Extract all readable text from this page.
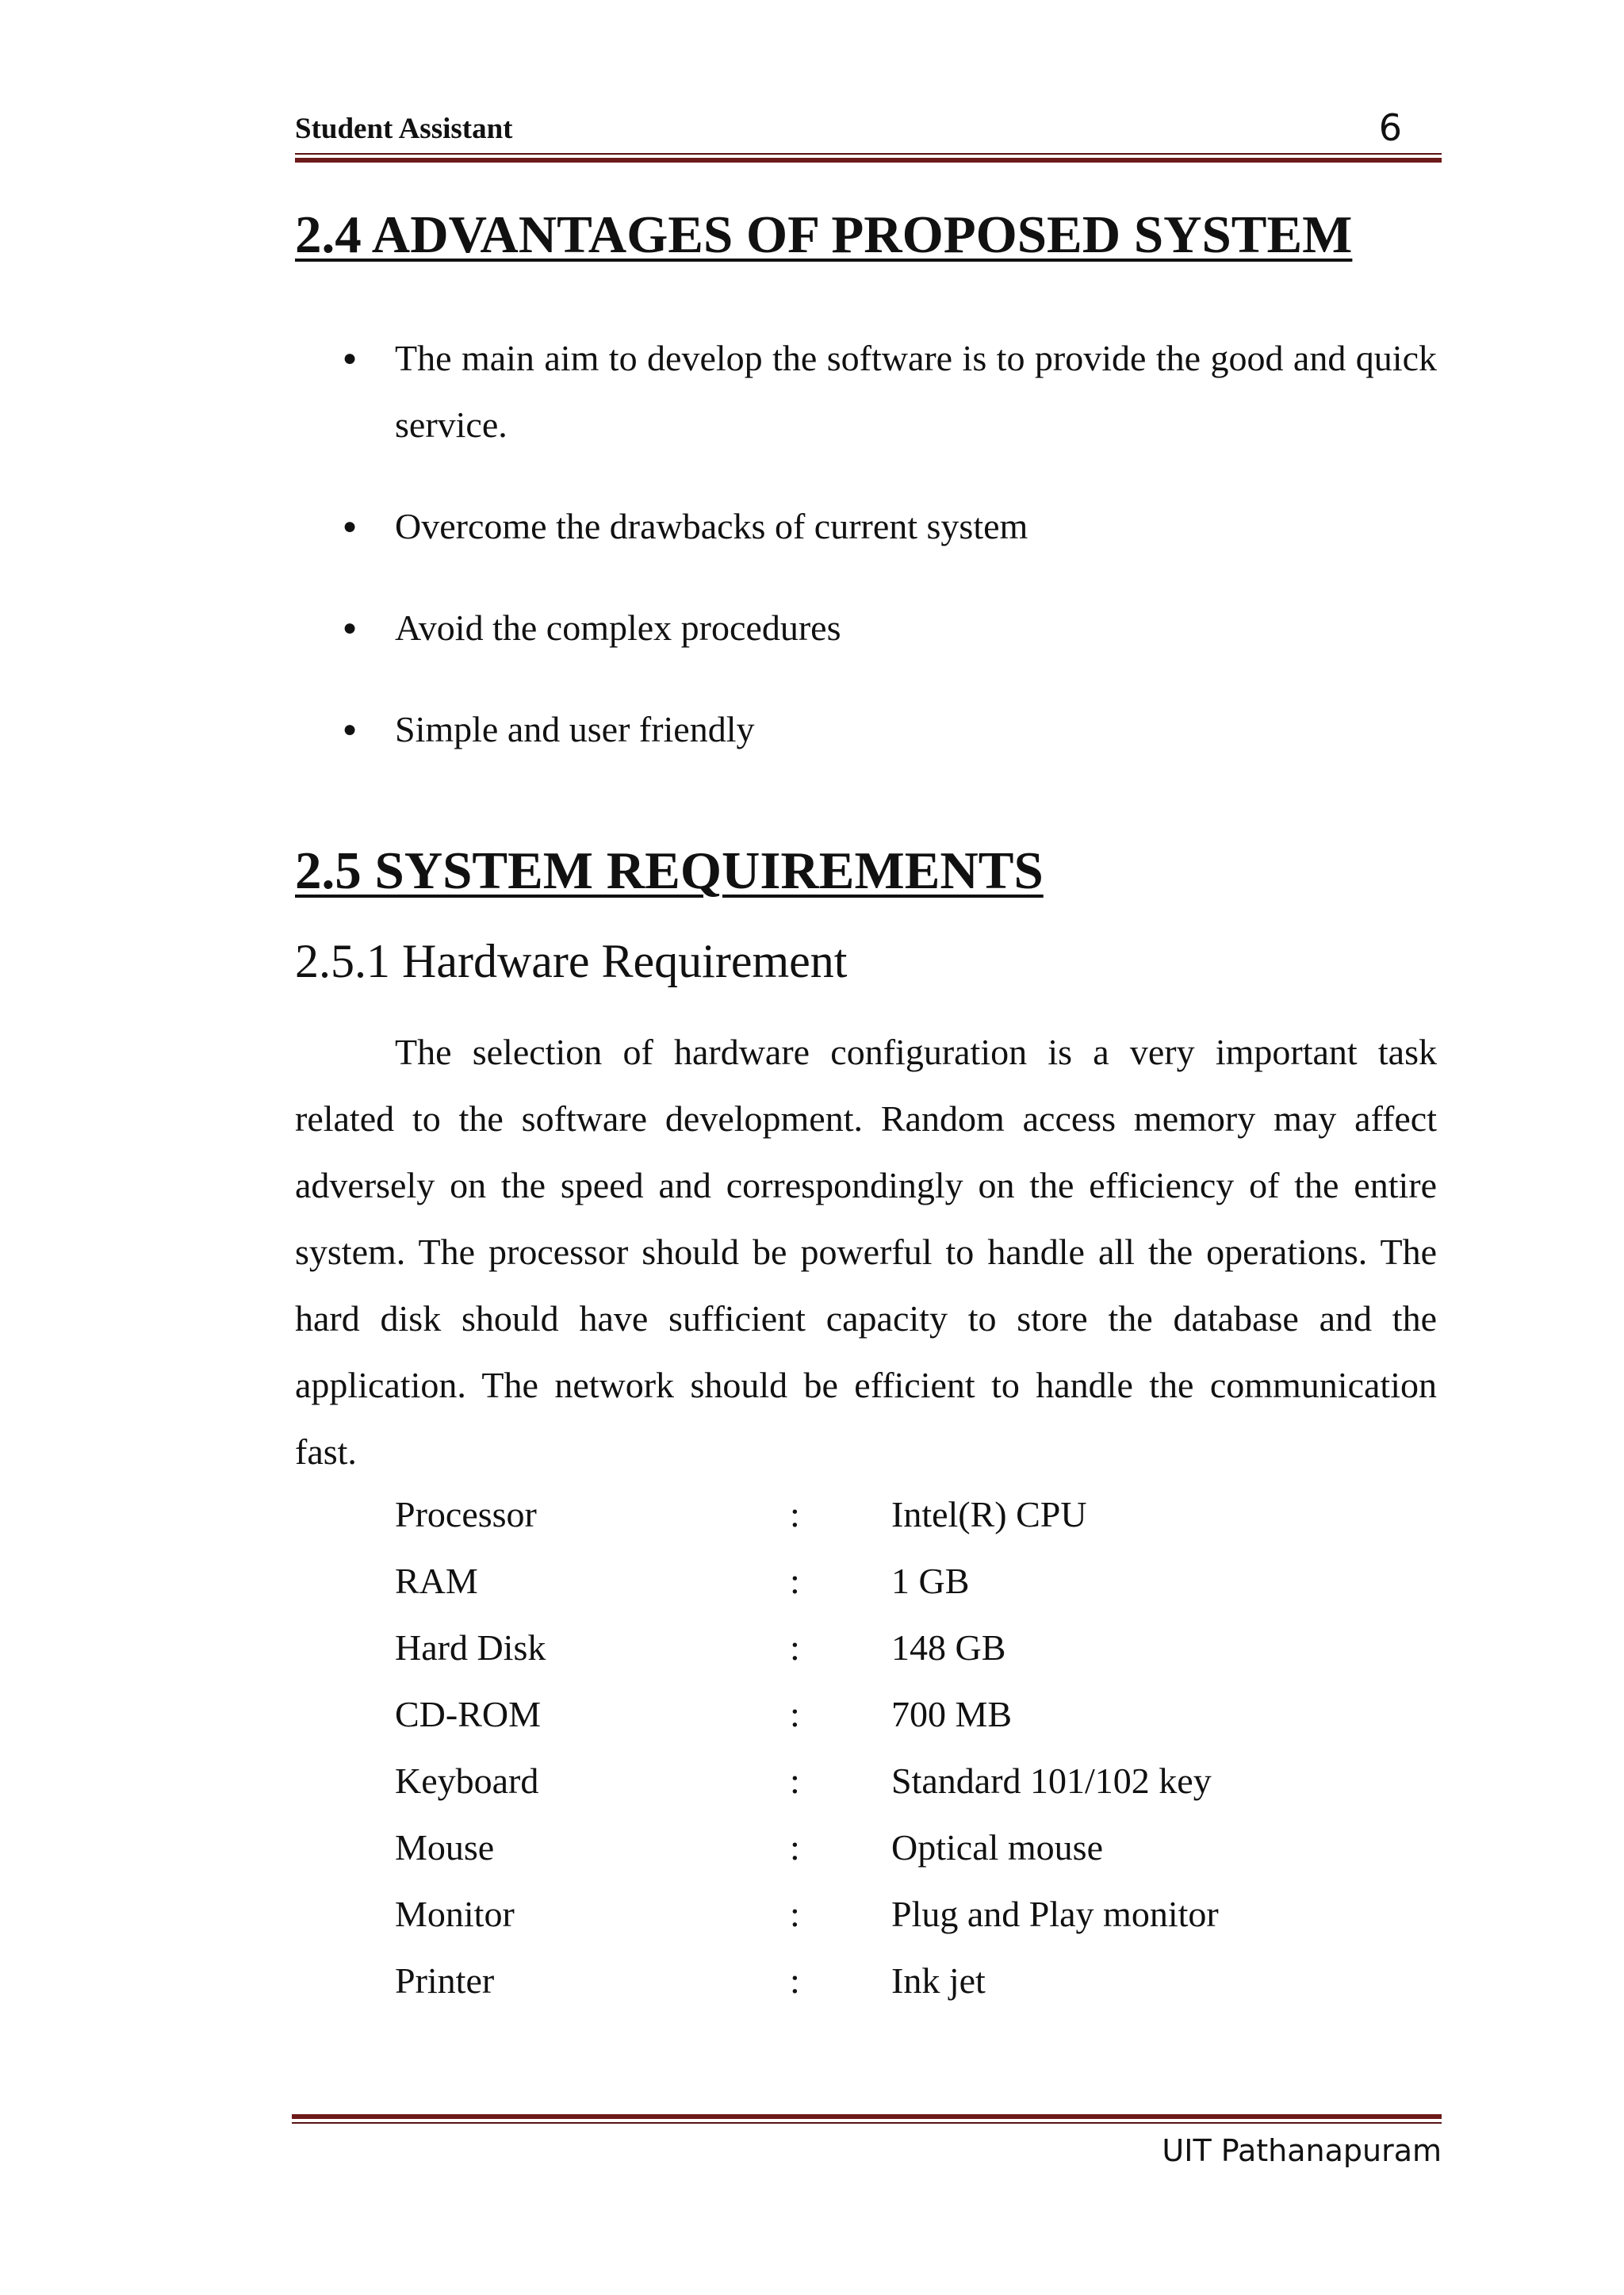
Student Assistant	6
2.4 ADVANTAGES OF PROPOSED SYSTEM
● The main aim to develop the software is to provide the good and quick service.
● Overcome the drawbacks of current system
● Avoid the complex procedures
● Simple and user friendly
2.5 SYSTEM REQUIREMENTS
2.5.1 Hardware Requirement

The selection of hardware configuration is a very important task related to the software development. Random access memory may affect adversely on the speed and correspondingly on the efficiency of the entire system. The processor should be powerful to handle all the operations. The hard disk should have sufficient capacity to store the database and the application. The network should be efficient to handle the communication fast.

Processor	:	Intel(R) CPU
RAM	:	1 GB
Hard Disk	:	148 GB
CD-ROM	:	700 MB
Keyboard	:	Standard 101/102 key
Mouse	:	Optical mouse
Monitor	:	Plug and Play monitor
Printer	:	Ink jet
UIT Pathanapuram
